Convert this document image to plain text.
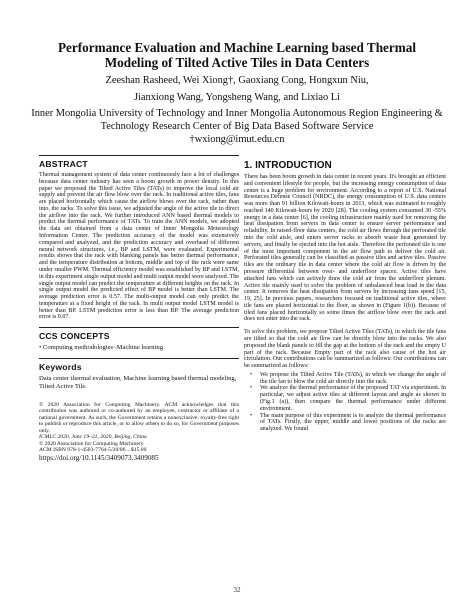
Performance Evaluation and Machine Learning based Thermal
Modeling of Tilted Active Tiles in Data Centers
Zeeshan Rasheed, Wei Xiong†, Gaoxiang Cong, Hongxun Niu,
Jianxiong Wang, Yongsheng Wang, and Lixiao Li
Inner Mongolia University of Technology and Inner Mongolia Autonomous Region Engineering &
Technology Research Center of Big Data Based Software Service
†wxiong@imut.edu.cn
ABSTRACT

Thermal management system of data center continuously face a lot of challenges because data center industry has seen a boom growth in power density. In this paper we proposed the Tilted Active Tiles (TATs) to improve the local cold air supply and prevent the air flow blow over the rack. In traditional active tiles, fans are placed horizontally which cause the airflow blows over the rack, rather than into, the racks. To solve this issue, we adjusted the angle of the active tile to direct the airflow into the rack. We further introduced ANN based thermal models to predict the thermal performance of TATs. To train the ANN models, we adopted the data set obtained from a data center of Inner Mongolia Meteorology Information Center. The prediction accuracy of the model was extensively compared and analyzed, and the prediction accuracy and overhead of different neural network structures, i.e., BP and LSTM, were evaluated. Experimental results shows that the rack with blanking panels has better thermal performance, and the temperature distribution at bottom, middle and top of the rack were same under smaller PWM. Thermal efficiency model was established by BP and LSTM, in this experiment single output model and multi output model were analyzed. The single output model can predict the temperature at different heights on the rack. In single output model the predicted effect of BP model is better than LSTM. The average prediction error is 0.57. The multi-output model can only predict the temperature at a fixed height of the rack. In multi output model LSTM model is better than BP. LSTM prediction error is less than BP. The average prediction error is 0.07.

CCS CONCEPTS

• Computing methodologies~Machine learning

Keywords

Data center thermal evaluation, Machine learning based thermal modeling, Tilted Active Tile.

© 2020 Association for Computing Machinery. ACM acknowledges that this contribution was authored or co-authored by an employee, contractor or affiliate of a national government. As such, the Government retains a nonexclusive, royalty-free right to publish or reproduce this article, or to allow others to do so, for Government purposes only.

ICMLC 2020, June 19–21, 2020, Beijing, China

© 2020 Association for Computing Machinery.

ACM ISBN 978-1-4503-7764-5/20/06…$15.00

https://doi.org/10.1145/3409073.3409085

1. INTRODUCTION

There has been boom growth in data center in recent years. It's brought an efficient and convenient lifestyle for people, but the increasing energy consumption of data center is a huge problem for environment. According to a report of U.S. National Resources Defense Council (NRDC), the energy consumption of U.S. data centers was more than 91 billion Kilowatt-hours in 2013, which was estimated to roughly reached 140 Kilowatt-hours by 2020 [28]. The cooling system consumed 30 -55% energy in a data center [6], the cooling infrastructure mainly used for removing the heat dissipation from servers in data center to ensure server performance and reliability. In raised-floor data centers, the cold air flows through the perforated tile into the cold aisle, and enters server racks to absorb waste heat generated by servers, and finally be ejected into the hot aisle. Therefore the perforated tile is one of the most important component in the air flow path to deliver the cold air. Perforated tiles generally can be classified as passive tiles and active tiles. Passive tiles are the ordinary tile in data center where the cold air flow is driven by the pressure differential between over- and underfloor spaces. Active tiles have attached fans which can actively draw the cold air from the underfloor plenum. Active tile mainly used to solve the problem of unbalanced heat load in the data center. It removes the heat dissipation from servers by increasing fans speed [15, 19, 25]. In previous papers, researchers focused on traditional active tiles, where tile fans are placed horizontal to the floor, as shown in (Figure 1(b)). Because of tiled fans placed horizontally so some times the airflow blow over the rack and does not enter into the rack.

To solve this problem, we propose Tilted Active Tiles (TATs), in which the tile fans are tilted so that the cold air flow can be directly blow into the racks. We also proposed the blank panels to fill the gap at the bottom of the rack and the empty U part of the rack. Because Empty part of the rack also cause of the hot air circulation. Our contributions can be summarized as follows: Our contributions can be summarized as follows:

• We propose the Tilted Active Tile (TATs), in which we change the angle of the tile fan to blow the cold air directly into the rack.
• We analyze the thermal performance of the proposed TAT via experiment. In particular, we adjust active tiles at different layout and angle as shown in (Fig.1 (a)), then compare the thermal performance under different environment.
• The main purpose of this experiment is to analyze the thermal performance of TATs. Firstly, the upper, middle and lower positions of the racks are analyzed. We found
32
